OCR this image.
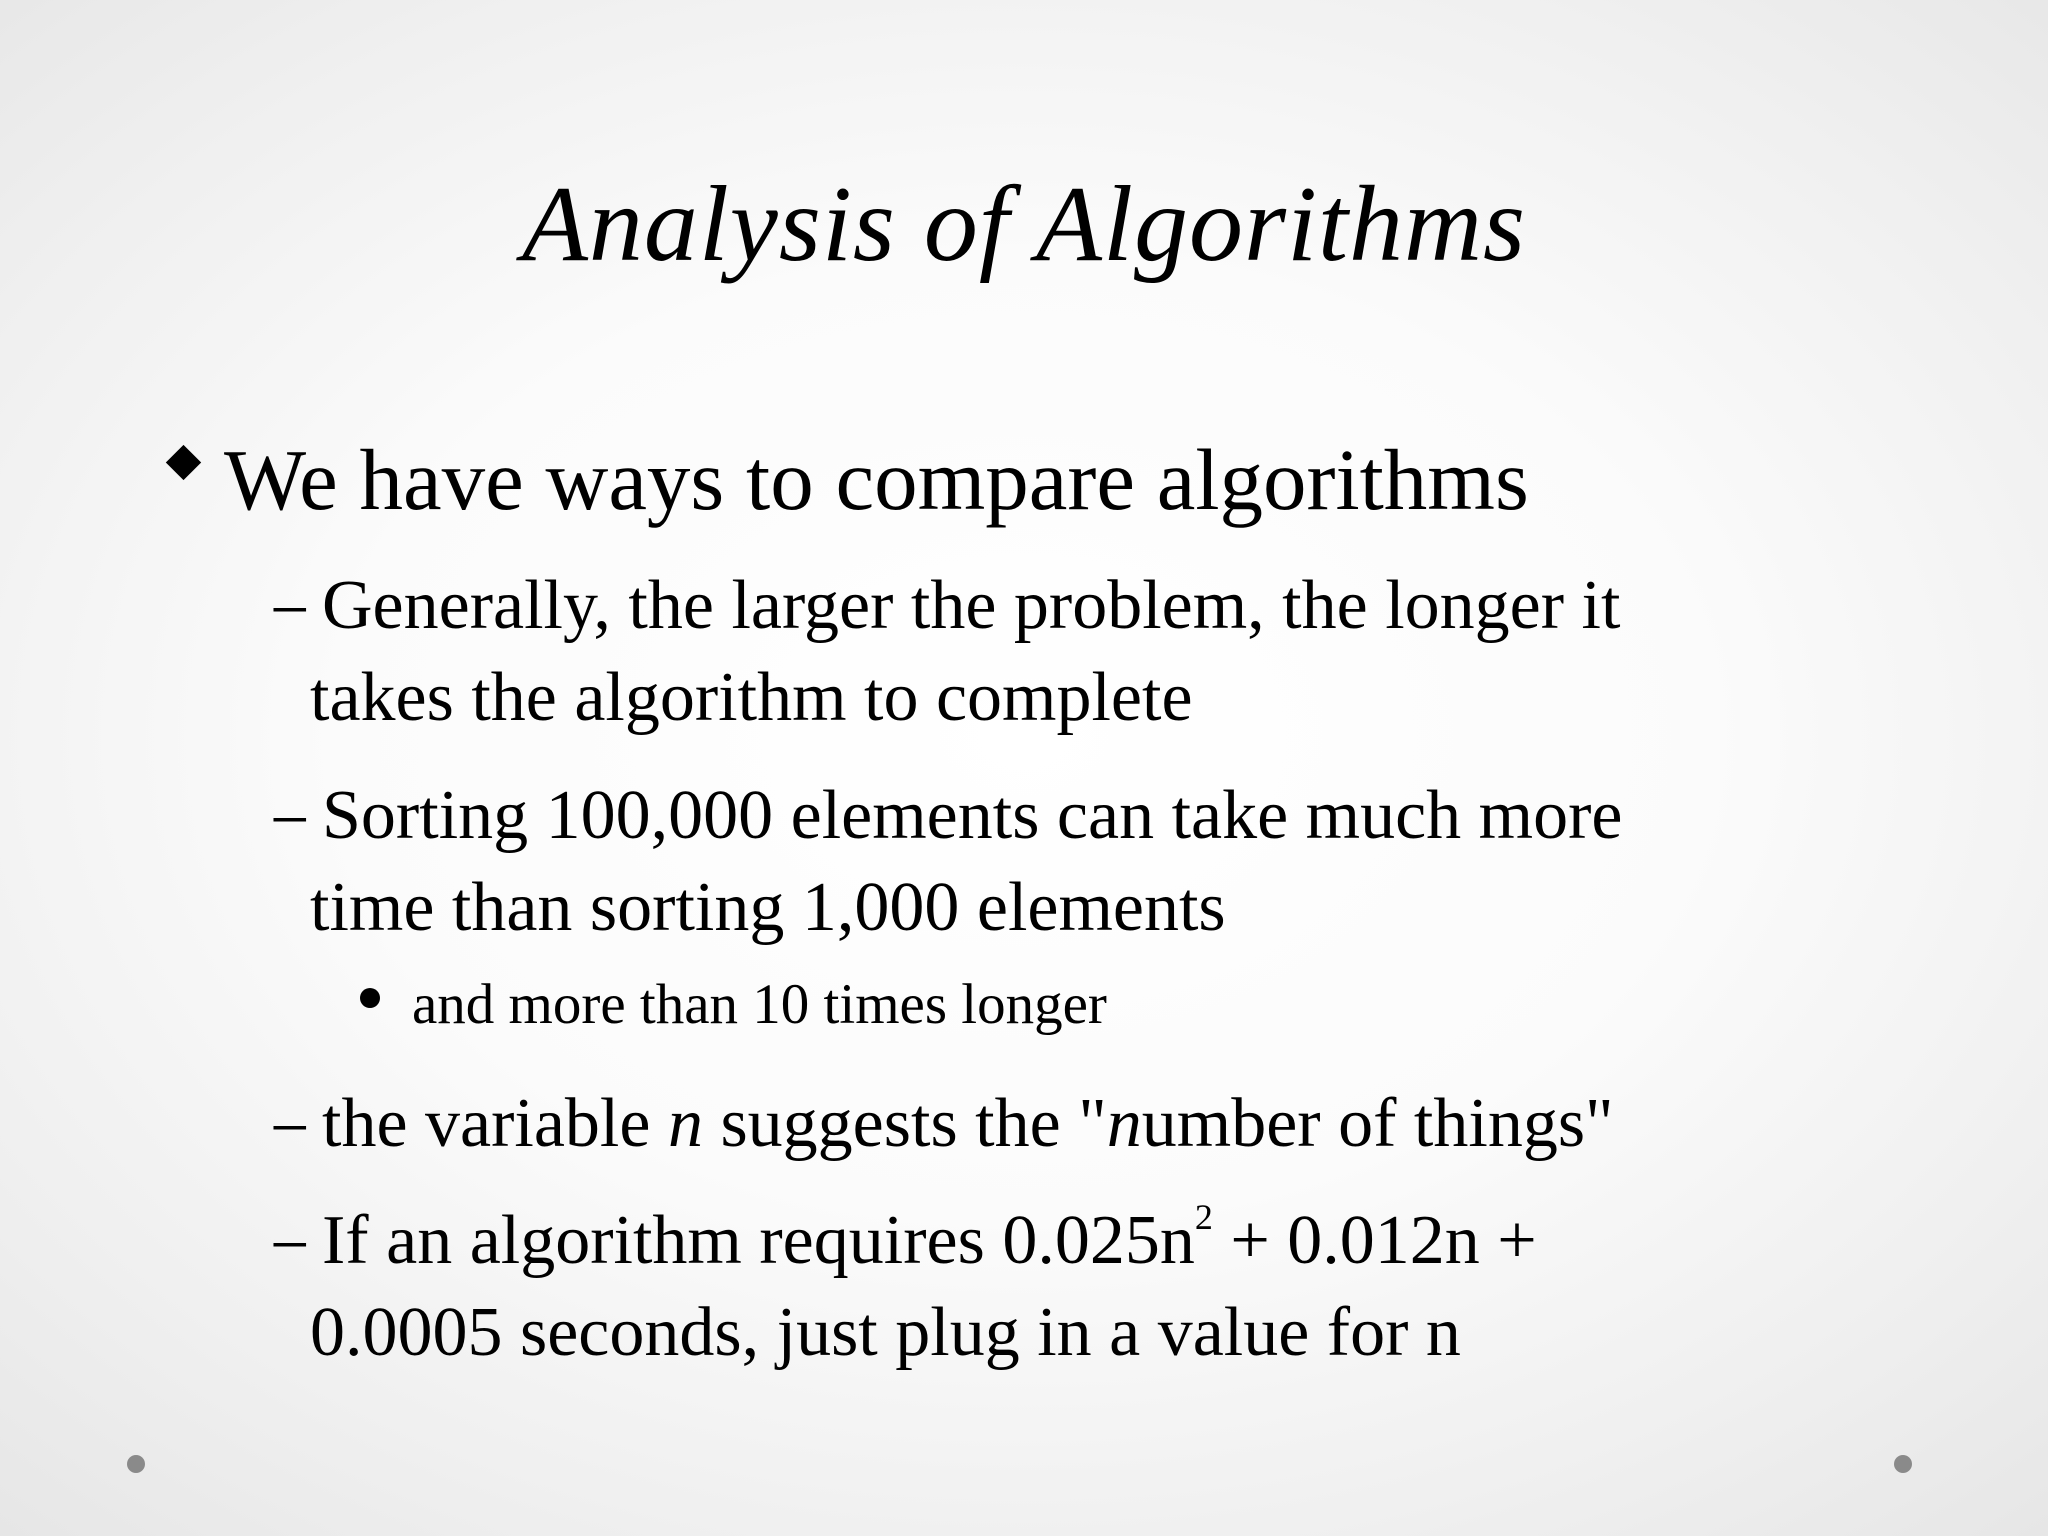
Analysis of Algorithms
We have ways to compare algorithms
− Generally, the larger the problem, the longer it
takes the algorithm to complete
− Sorting 100,000 elements can take much more
time than sorting 1,000 elements
and more than 10 times longer
− the variable n suggests the "number of things"
− If an algorithm requires $0.025n^2 + 0.012n$ +
0.0005 seconds, just plug in a value for n
